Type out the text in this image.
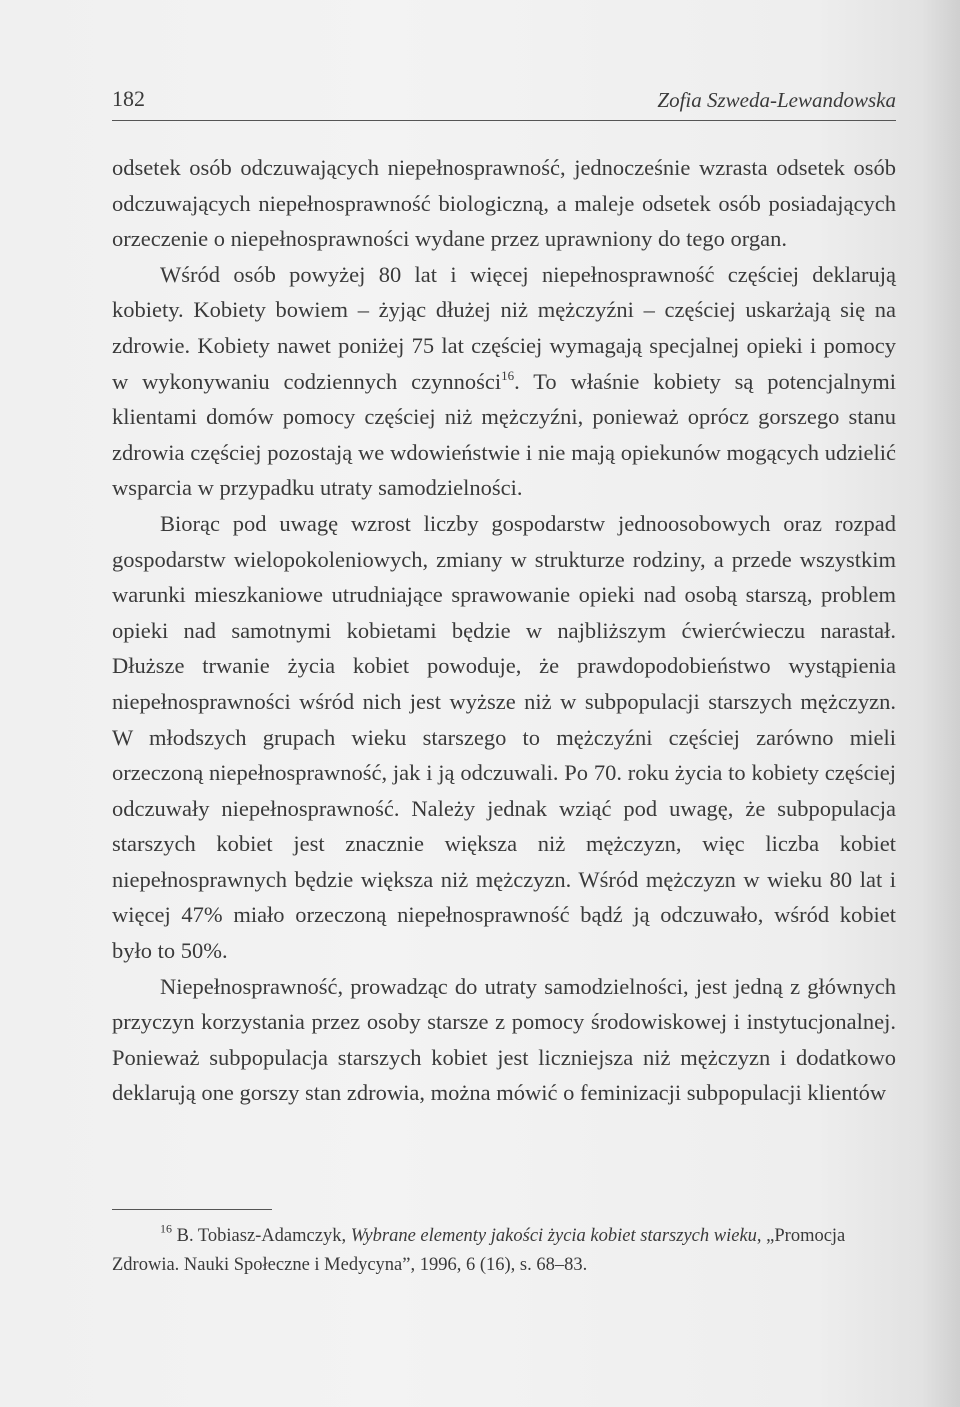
182	Zofia Szweda-Lewandowska

odsetek osób odczuwających niepełnosprawność, jednocześnie wzrasta odsetek osób odczuwających niepełnosprawność biologiczną, a maleje odsetek osób posiadających orzeczenie o niepełnosprawności wydane przez uprawniony do tego organ.

Wśród osób powyżej 80 lat i więcej niepełnosprawność częściej deklarują kobiety. Kobiety bowiem – żyjąc dłużej niż mężczyźni – częściej uskarżają się na zdrowie. Kobiety nawet poniżej 75 lat częściej wymagają specjalnej opieki i pomocy w wykonywaniu codziennych czynności$^{16}$. To właśnie kobiety są potencjalnymi klientami domów pomocy częściej niż mężczyźni, ponieważ oprócz gorszego stanu zdrowia częściej pozostają we wdowieństwie i nie mają opiekunów mogących udzielić wsparcia w przypadku utraty samodzielności.

Biorąc pod uwagę wzrost liczby gospodarstw jednoosobowych oraz rozpad gospodarstw wielopokoleniowych, zmiany w strukturze rodziny, a przede wszystkim warunki mieszkaniowe utrudniające sprawowanie opieki nad osobą starszą, problem opieki nad samotnymi kobietami będzie w najbliższym ćwierćwieczu narastał. Dłuższe trwanie życia kobiet powoduje, że prawdopodobieństwo wystąpienia niepełnosprawności wśród nich jest wyższe niż w subpopulacji starszych mężczyzn. W młodszych grupach wieku starszego to mężczyźni częściej zarówno mieli orzeczoną niepełnosprawność, jak i ją odczuwali. Po 70. roku życia to kobiety częściej odczuwały niepełnosprawność. Należy jednak wziąć pod uwagę, że subpopulacja starszych kobiet jest znacznie większa niż mężczyzn, więc liczba kobiet niepełnosprawnych będzie większa niż mężczyzn. Wśród mężczyzn w wieku 80 lat i więcej 47% miało orzeczoną niepełnosprawność bądź ją odczuwało, wśród kobiet było to 50%.

Niepełnosprawność, prowadząc do utraty samodzielności, jest jedną z głównych przyczyn korzystania przez osoby starsze z pomocy środowiskowej i instytucjonalnej. Ponieważ subpopulacja starszych kobiet jest liczniejsza niż mężczyzn i dodatkowo deklarują one gorszy stan zdrowia, można mówić o feminizacji subpopulacji klientów

$^{16}$ B. Tobiasz-Adamczyk, Wybrane elementy jakości życia kobiet starszych wieku, „Promocja Zdrowia. Nauki Społeczne i Medycyna”, 1996, 6 (16), s. 68–83.
